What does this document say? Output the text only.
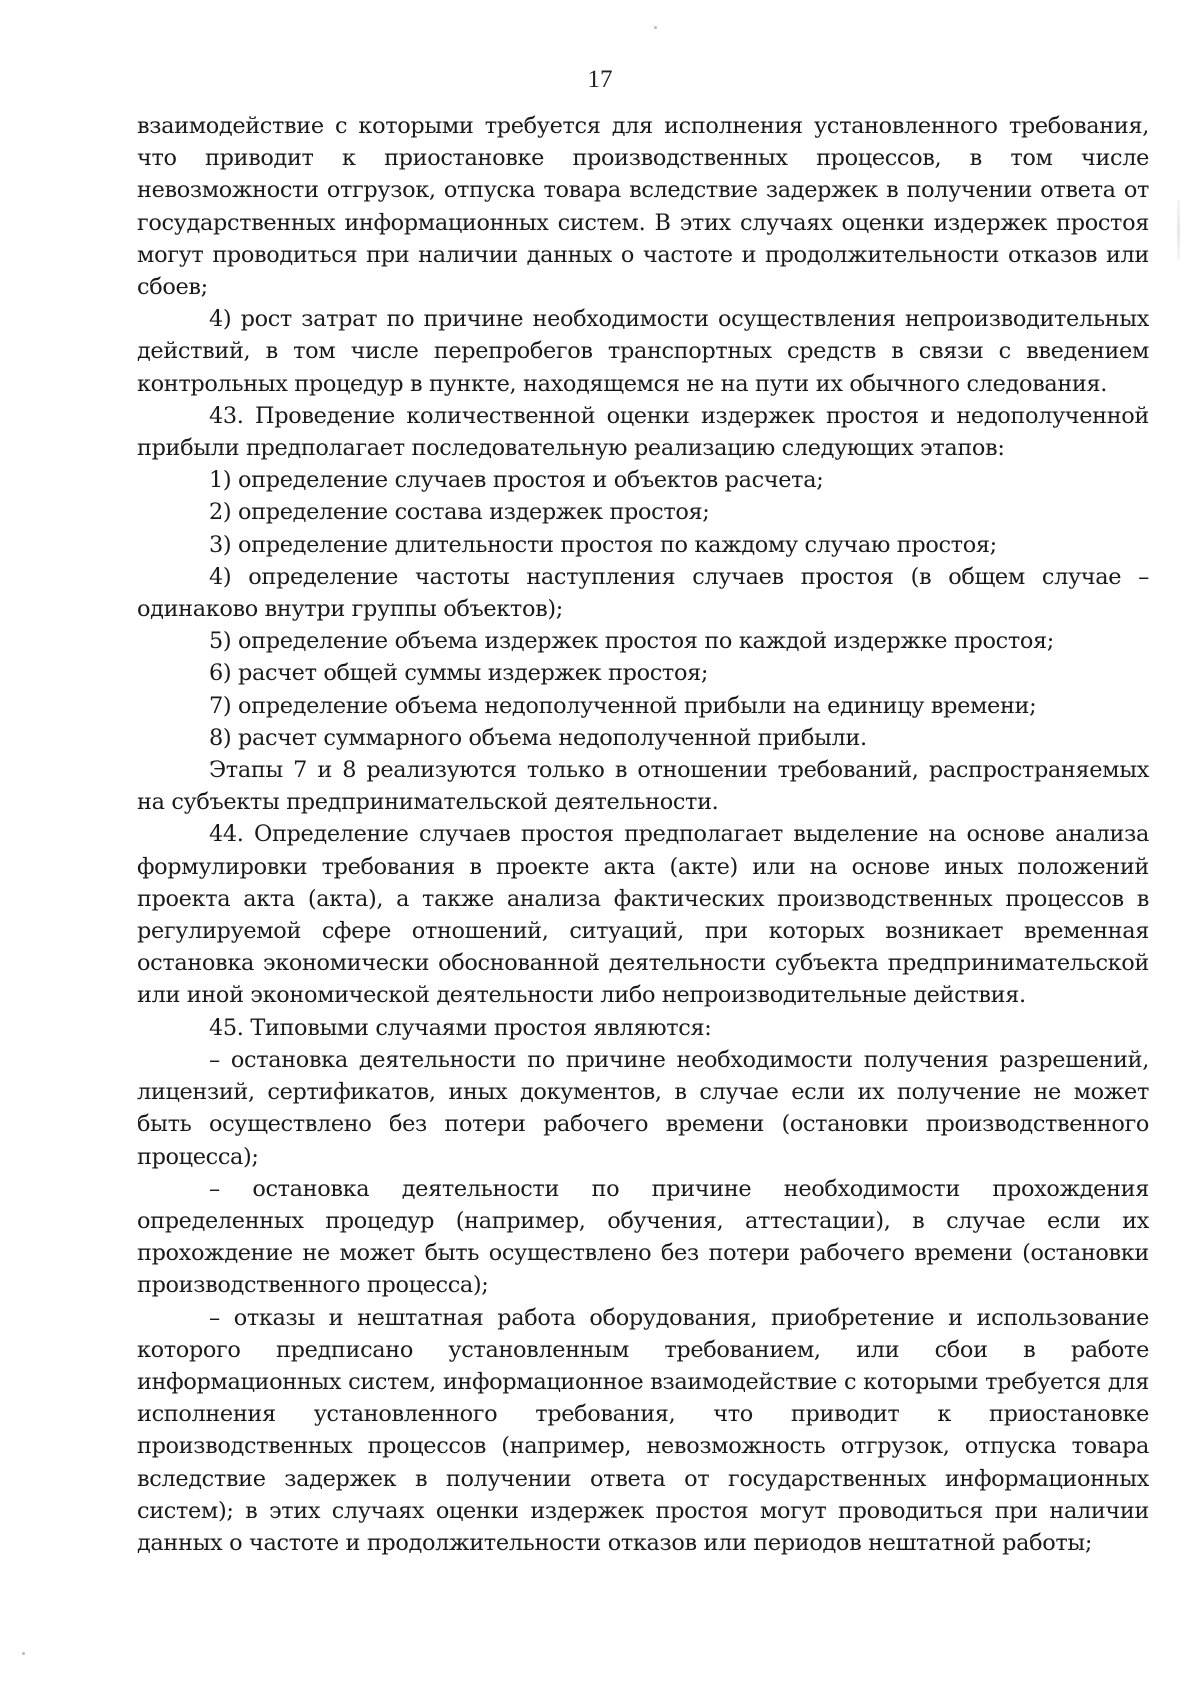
17

взаимодействие с которыми требуется для исполнения установленного требования, что приводит к приостановке производственных процессов, в том числе невозможности отгрузок, отпуска товара вследствие задержек в получении ответа от государственных информационных систем. В этих случаях оценки издержек простоя могут проводиться при наличии данных о частоте и продолжительности отказов или сбоев;

4) рост затрат по причине необходимости осуществления непроизводительных действий, в том числе перепробегов транспортных средств в связи с введением контрольных процедур в пункте, находящемся не на пути их обычного следования.

43. Проведение количественной оценки издержек простоя и недополученной прибыли предполагает последовательную реализацию следующих этапов:

1) определение случаев простоя и объектов расчета;

2) определение состава издержек простоя;

3) определение длительности простоя по каждому случаю простоя;

4) определение частоты наступления случаев простоя (в общем случае – одинаково внутри группы объектов);

5) определение объема издержек простоя по каждой издержке простоя;

6) расчет общей суммы издержек простоя;

7) определение объема недополученной прибыли на единицу времени;

8) расчет суммарного объема недополученной прибыли.

Этапы 7 и 8 реализуются только в отношении требований, распространяемых на субъекты предпринимательской деятельности.

44. Определение случаев простоя предполагает выделение на основе анализа формулировки требования в проекте акта (акте) или на основе иных положений проекта акта (акта), а также анализа фактических производственных процессов в регулируемой сфере отношений, ситуаций, при которых возникает временная остановка экономически обоснованной деятельности субъекта предпринимательской или иной экономической деятельности либо непроизводительные действия.

45. Типовыми случаями простоя являются:

– остановка деятельности по причине необходимости получения разрешений, лицензий, сертификатов, иных документов, в случае если их получение не может быть осуществлено без потери рабочего времени (остановки производственного процесса);

– остановка деятельности по причине необходимости прохождения определенных процедур (например, обучения, аттестации), в случае если их прохождение не может быть осуществлено без потери рабочего времени (остановки производственного процесса);

– отказы и нештатная работа оборудования, приобретение и использование которого предписано установленным требованием, или сбои в работе информационных систем, информационное взаимодействие с которыми требуется для исполнения установленного требования, что приводит к приостановке производственных процессов (например, невозможность отгрузок, отпуска товара вследствие задержек в получении ответа от государственных информационных систем); в этих случаях оценки издержек простоя могут проводиться при наличии данных о частоте и продолжительности отказов или периодов нештатной работы;
